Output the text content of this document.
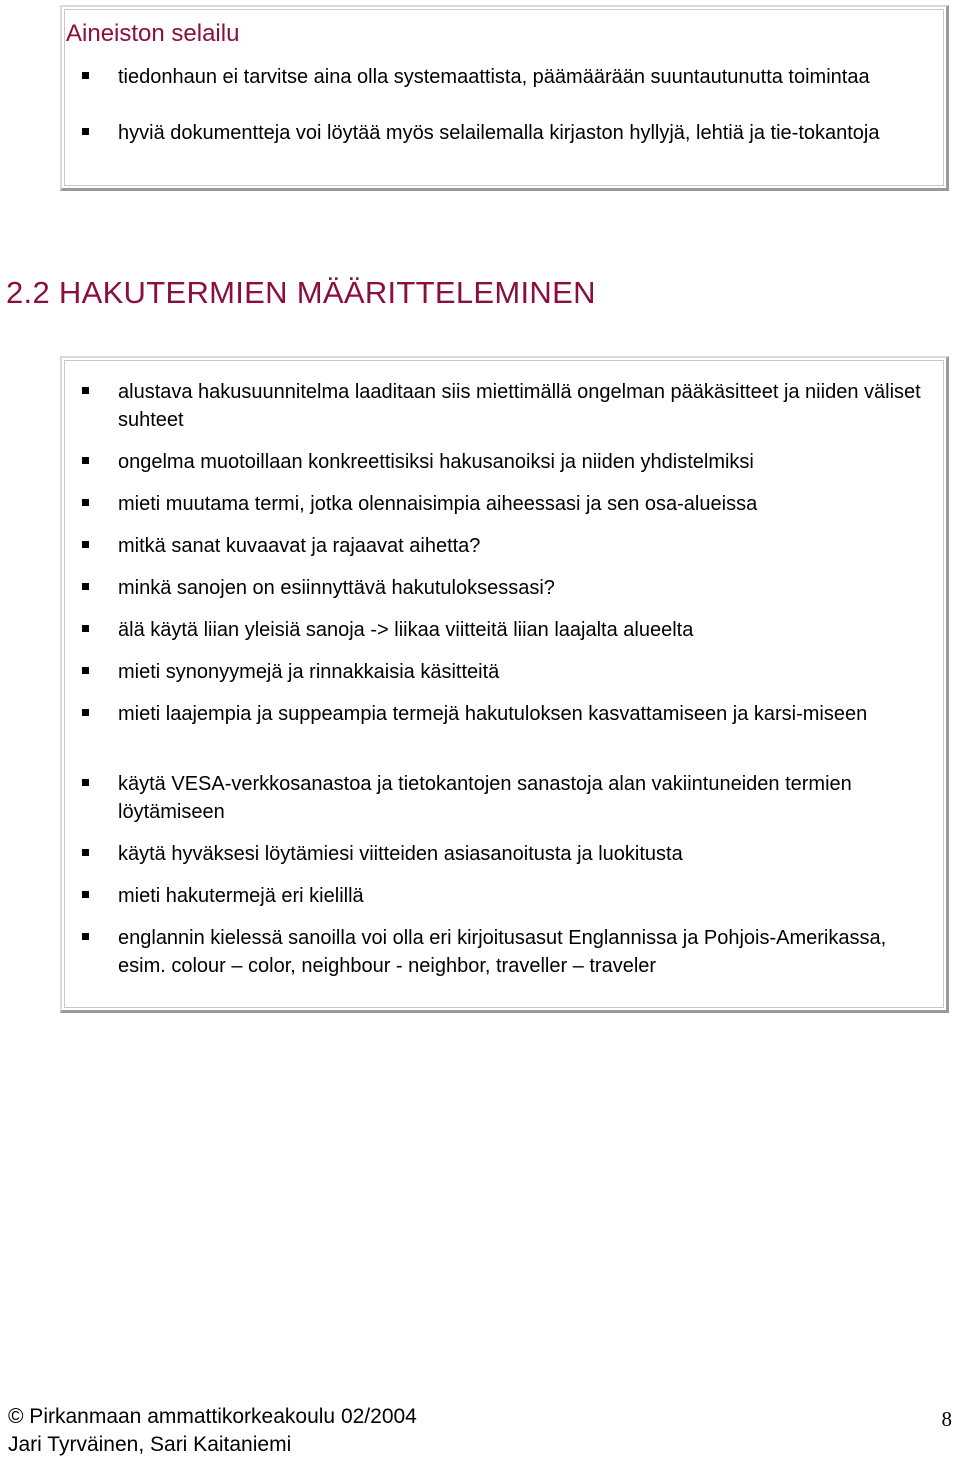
Aineiston selailu
tiedonhaun ei tarvitse aina olla systemaattista, päämäärään suuntautunutta toimintaa
hyviä dokumentteja voi löytää myös selailemalla kirjaston hyllyjä, lehtiä ja tie-tokantoja
2.2 HAKUTERMIEN MÄÄRITTELEMINEN
alustava hakusuunnitelma laaditaan siis miettimällä ongelman pääkäsitteet ja niiden väliset suhteet
ongelma muotoillaan konkreettisiksi hakusanoiksi ja niiden yhdistelmiksi
mieti muutama termi, jotka olennaisimpia aiheessasi ja sen osa-alueissa
mitkä sanat kuvaavat ja rajaavat aihetta?
minkä sanojen on esiinnyttävä hakutuloksessasi?
älä käytä liian yleisiä sanoja -> liikaa viitteitä liian laajalta alueelta
mieti synonyymejä ja rinnakkaisia käsitteitä
mieti laajempia ja suppeampia termejä hakutuloksen kasvattamiseen ja karsi-miseen
käytä VESA-verkkosanastoa ja tietokantojen sanastoja alan vakiintuneiden termien löytämiseen
käytä hyväksesi löytämiesi viitteiden asiasanoitusta ja luokitusta
mieti hakutermejä eri kielillä
englannin kielessä sanoilla voi olla eri kirjoitusasut Englannissa ja Pohjois-Amerikassa, esim. colour – color, neighbour - neighbor, traveller – traveler
© Pirkanmaan ammattikorkeakoulu 02/2004
Jari Tyrväinen, Sari Kaitaniemi
8
